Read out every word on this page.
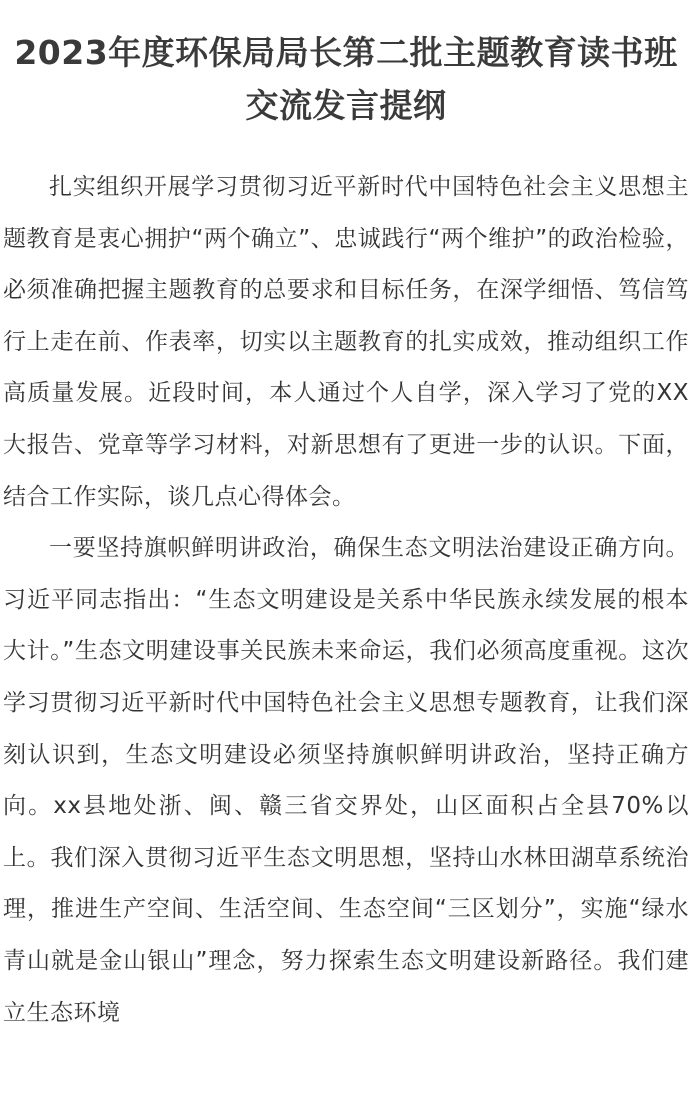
2023年度环保局局长第二批主题教育读书班交流发言提纲

扎实组织开展学习贯彻习近平新时代中国特色社会主义思想主题教育是衷心拥护“两个确立”、忠诚践行“两个维护”的政治检验，必须准确把握主题教育的总要求和目标任务，在深学细悟、笃信笃行上走在前、作表率，切实以主题教育的扎实成效，推动组织工作高质量发展。近段时间，本人通过个人自学，深入学习了党的XX大报告、党章等学习材料，对新思想有了更进一步的认识。下面，结合工作实际，谈几点心得体会。

一要坚持旗帜鲜明讲政治，确保生态文明法治建设正确方向。习近平同志指出：“生态文明建设是关系中华民族永续发展的根本大计。”生态文明建设事关民族未来命运，我们必须高度重视。这次学习贯彻习近平新时代中国特色社会主义思想专题教育，让我们深刻认识到，生态文明建设必须坚持旗帜鲜明讲政治，坚持正确方向。xx县地处浙、闽、赣三省交界处，山区面积占全县70%以上。我们深入贯彻习近平生态文明思想，坚持山水林田湖草系统治理，推进生产空间、生活空间、生态空间“三区划分”，实施“绿水青山就是金山银山”理念，努力探索生态文明建设新路径。我们建立生态环境
